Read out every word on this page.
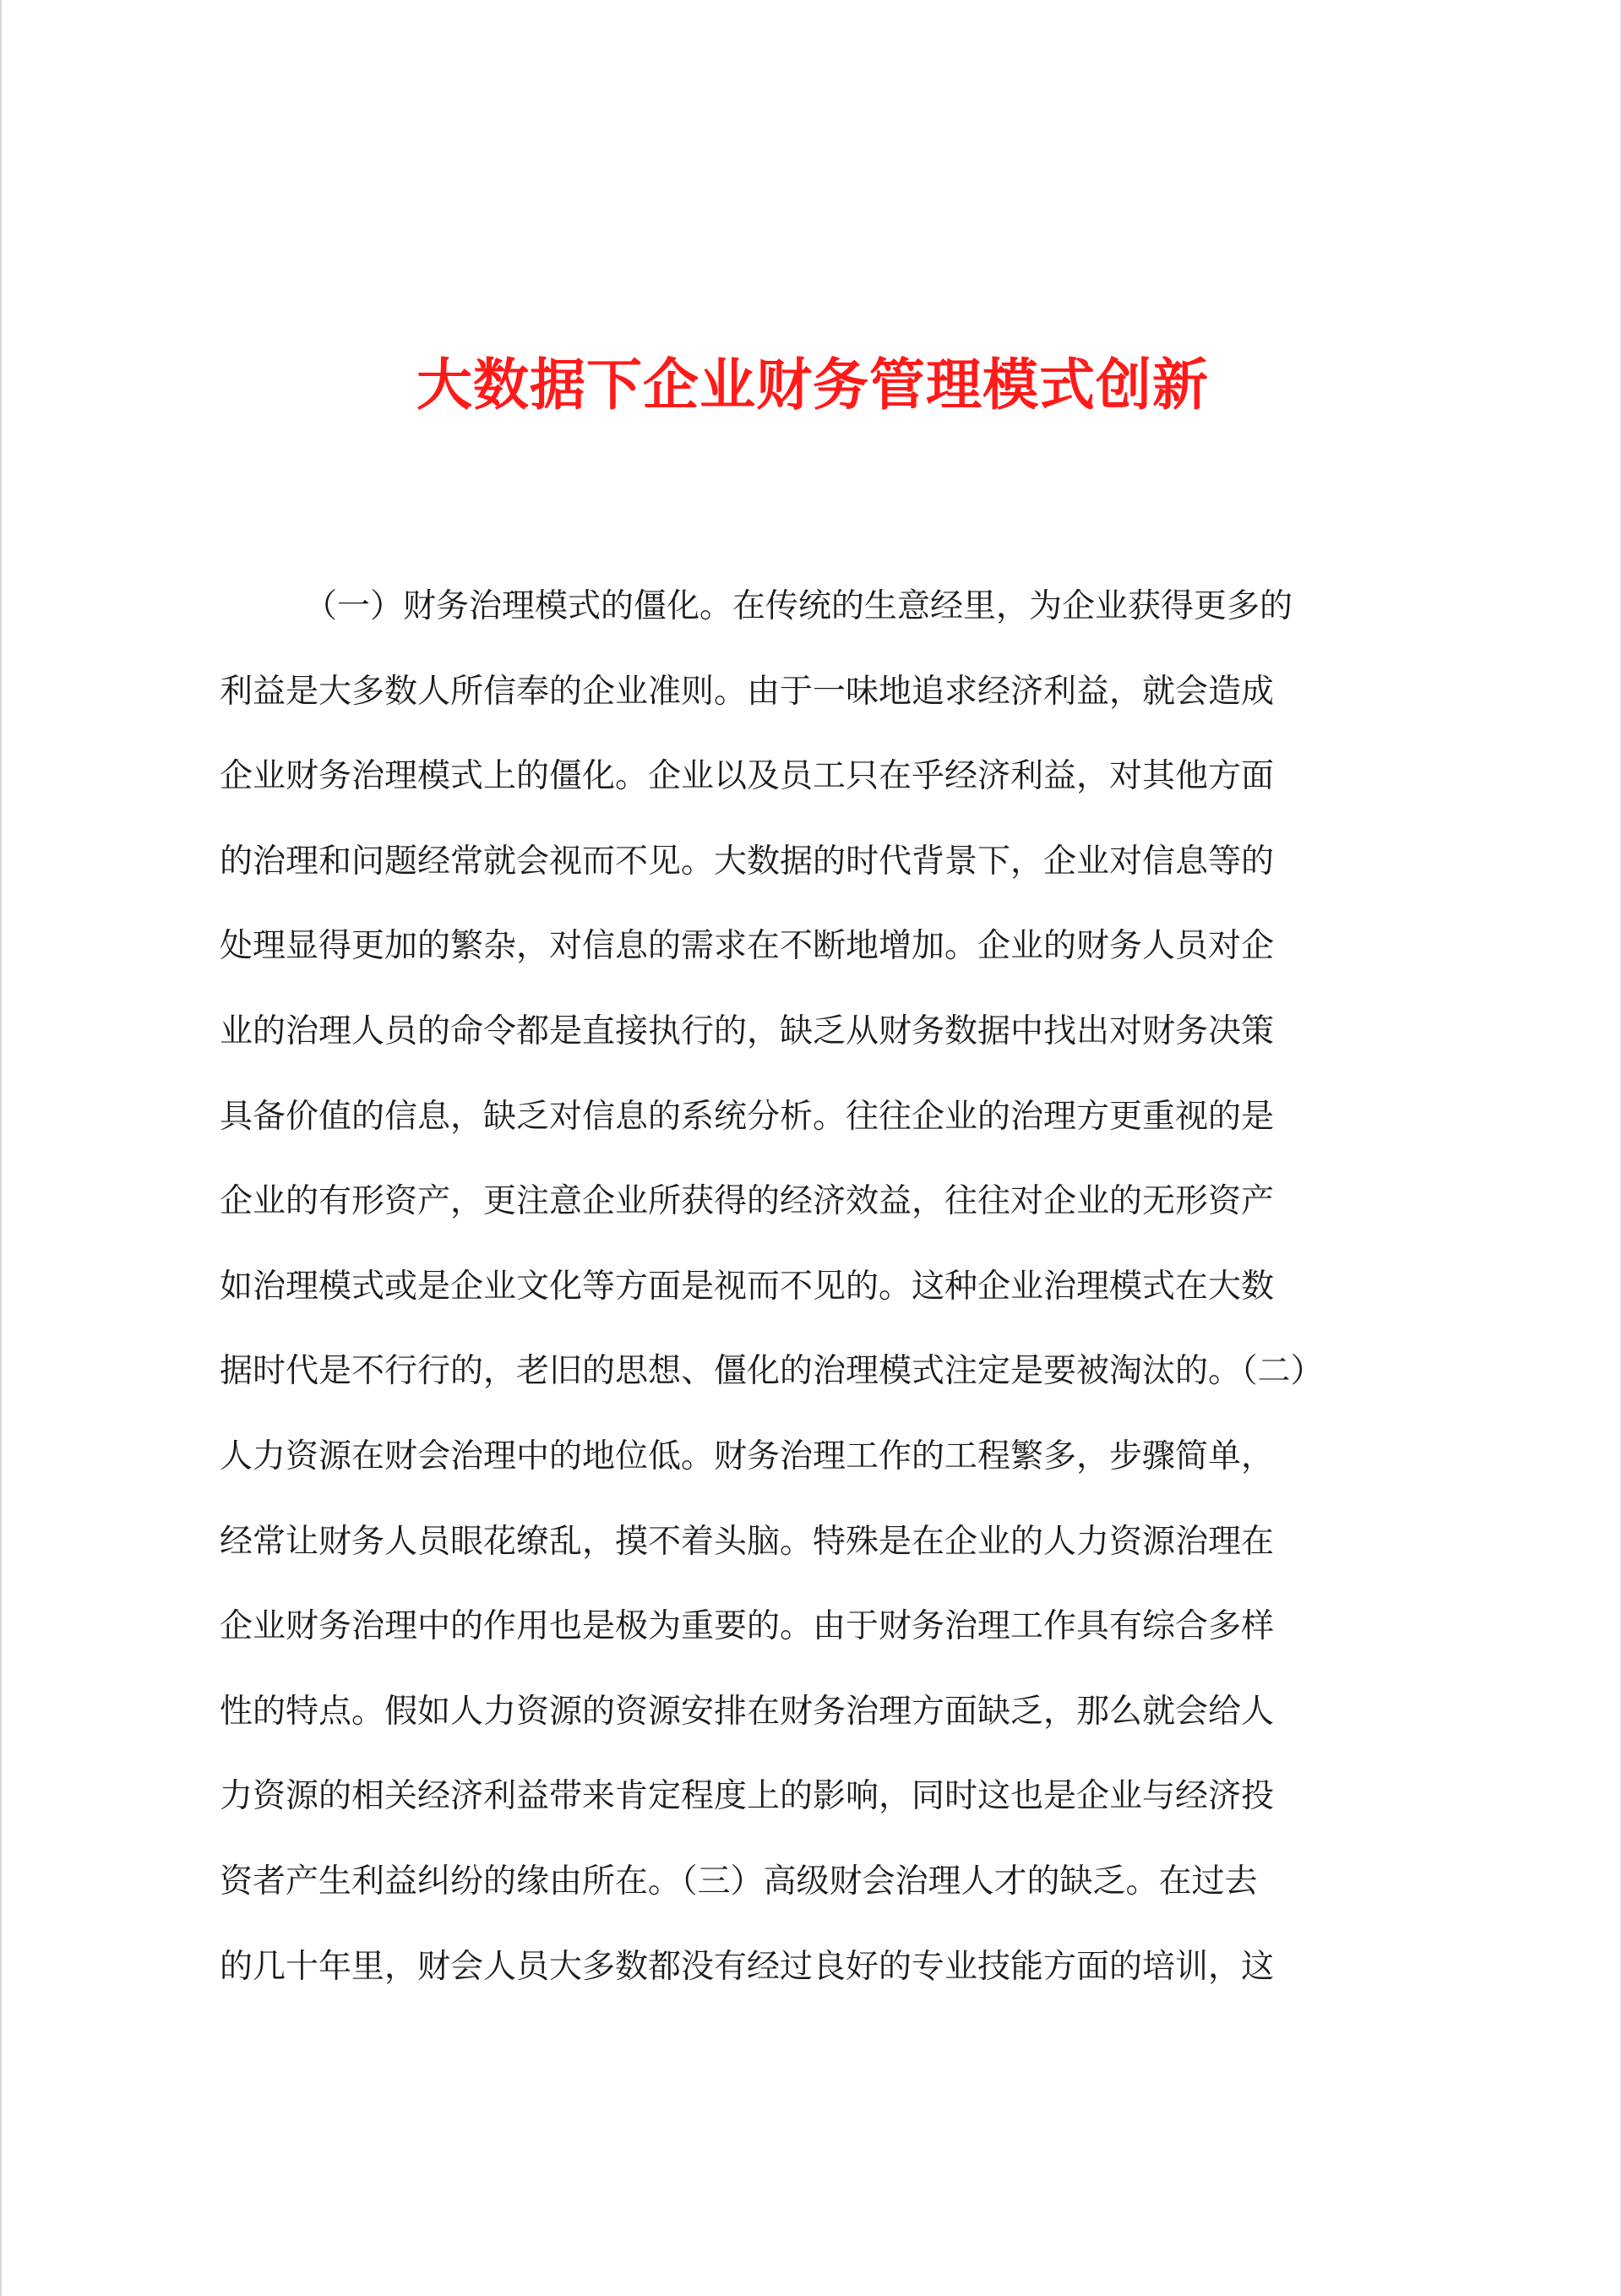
大数据下企业财务管理模式创新
（一）财务治理模式的僵化。在传统的生意经里，为企业获得更多的
利益是大多数人所信奉的企业准则。由于一味地追求经济利益，就会造成
企业财务治理模式上的僵化。企业以及员工只在乎经济利益，对其他方面
的治理和问题经常就会视而不见。大数据的时代背景下，企业对信息等的
处理显得更加的繁杂，对信息的需求在不断地增加。企业的财务人员对企
业的治理人员的命令都是直接执行的，缺乏从财务数据中找出对财务决策
具备价值的信息，缺乏对信息的系统分析。往往企业的治理方更重视的是
企业的有形资产，更注意企业所获得的经济效益，往往对企业的无形资产
如治理模式或是企业文化等方面是视而不见的。这种企业治理模式在大数
据时代是不行行的，老旧的思想、僵化的治理模式注定是要被淘汰的。（二）
人力资源在财会治理中的地位低。财务治理工作的工程繁多，步骤简单，
经常让财务人员眼花缭乱，摸不着头脑。特殊是在企业的人力资源治理在
企业财务治理中的作用也是极为重要的。由于财务治理工作具有综合多样
性的特点。假如人力资源的资源安排在财务治理方面缺乏，那么就会给人
力资源的相关经济利益带来肯定程度上的影响，同时这也是企业与经济投
资者产生利益纠纷的缘由所在。（三）高级财会治理人才的缺乏。在过去
的几十年里，财会人员大多数都没有经过良好的专业技能方面的培训，这
